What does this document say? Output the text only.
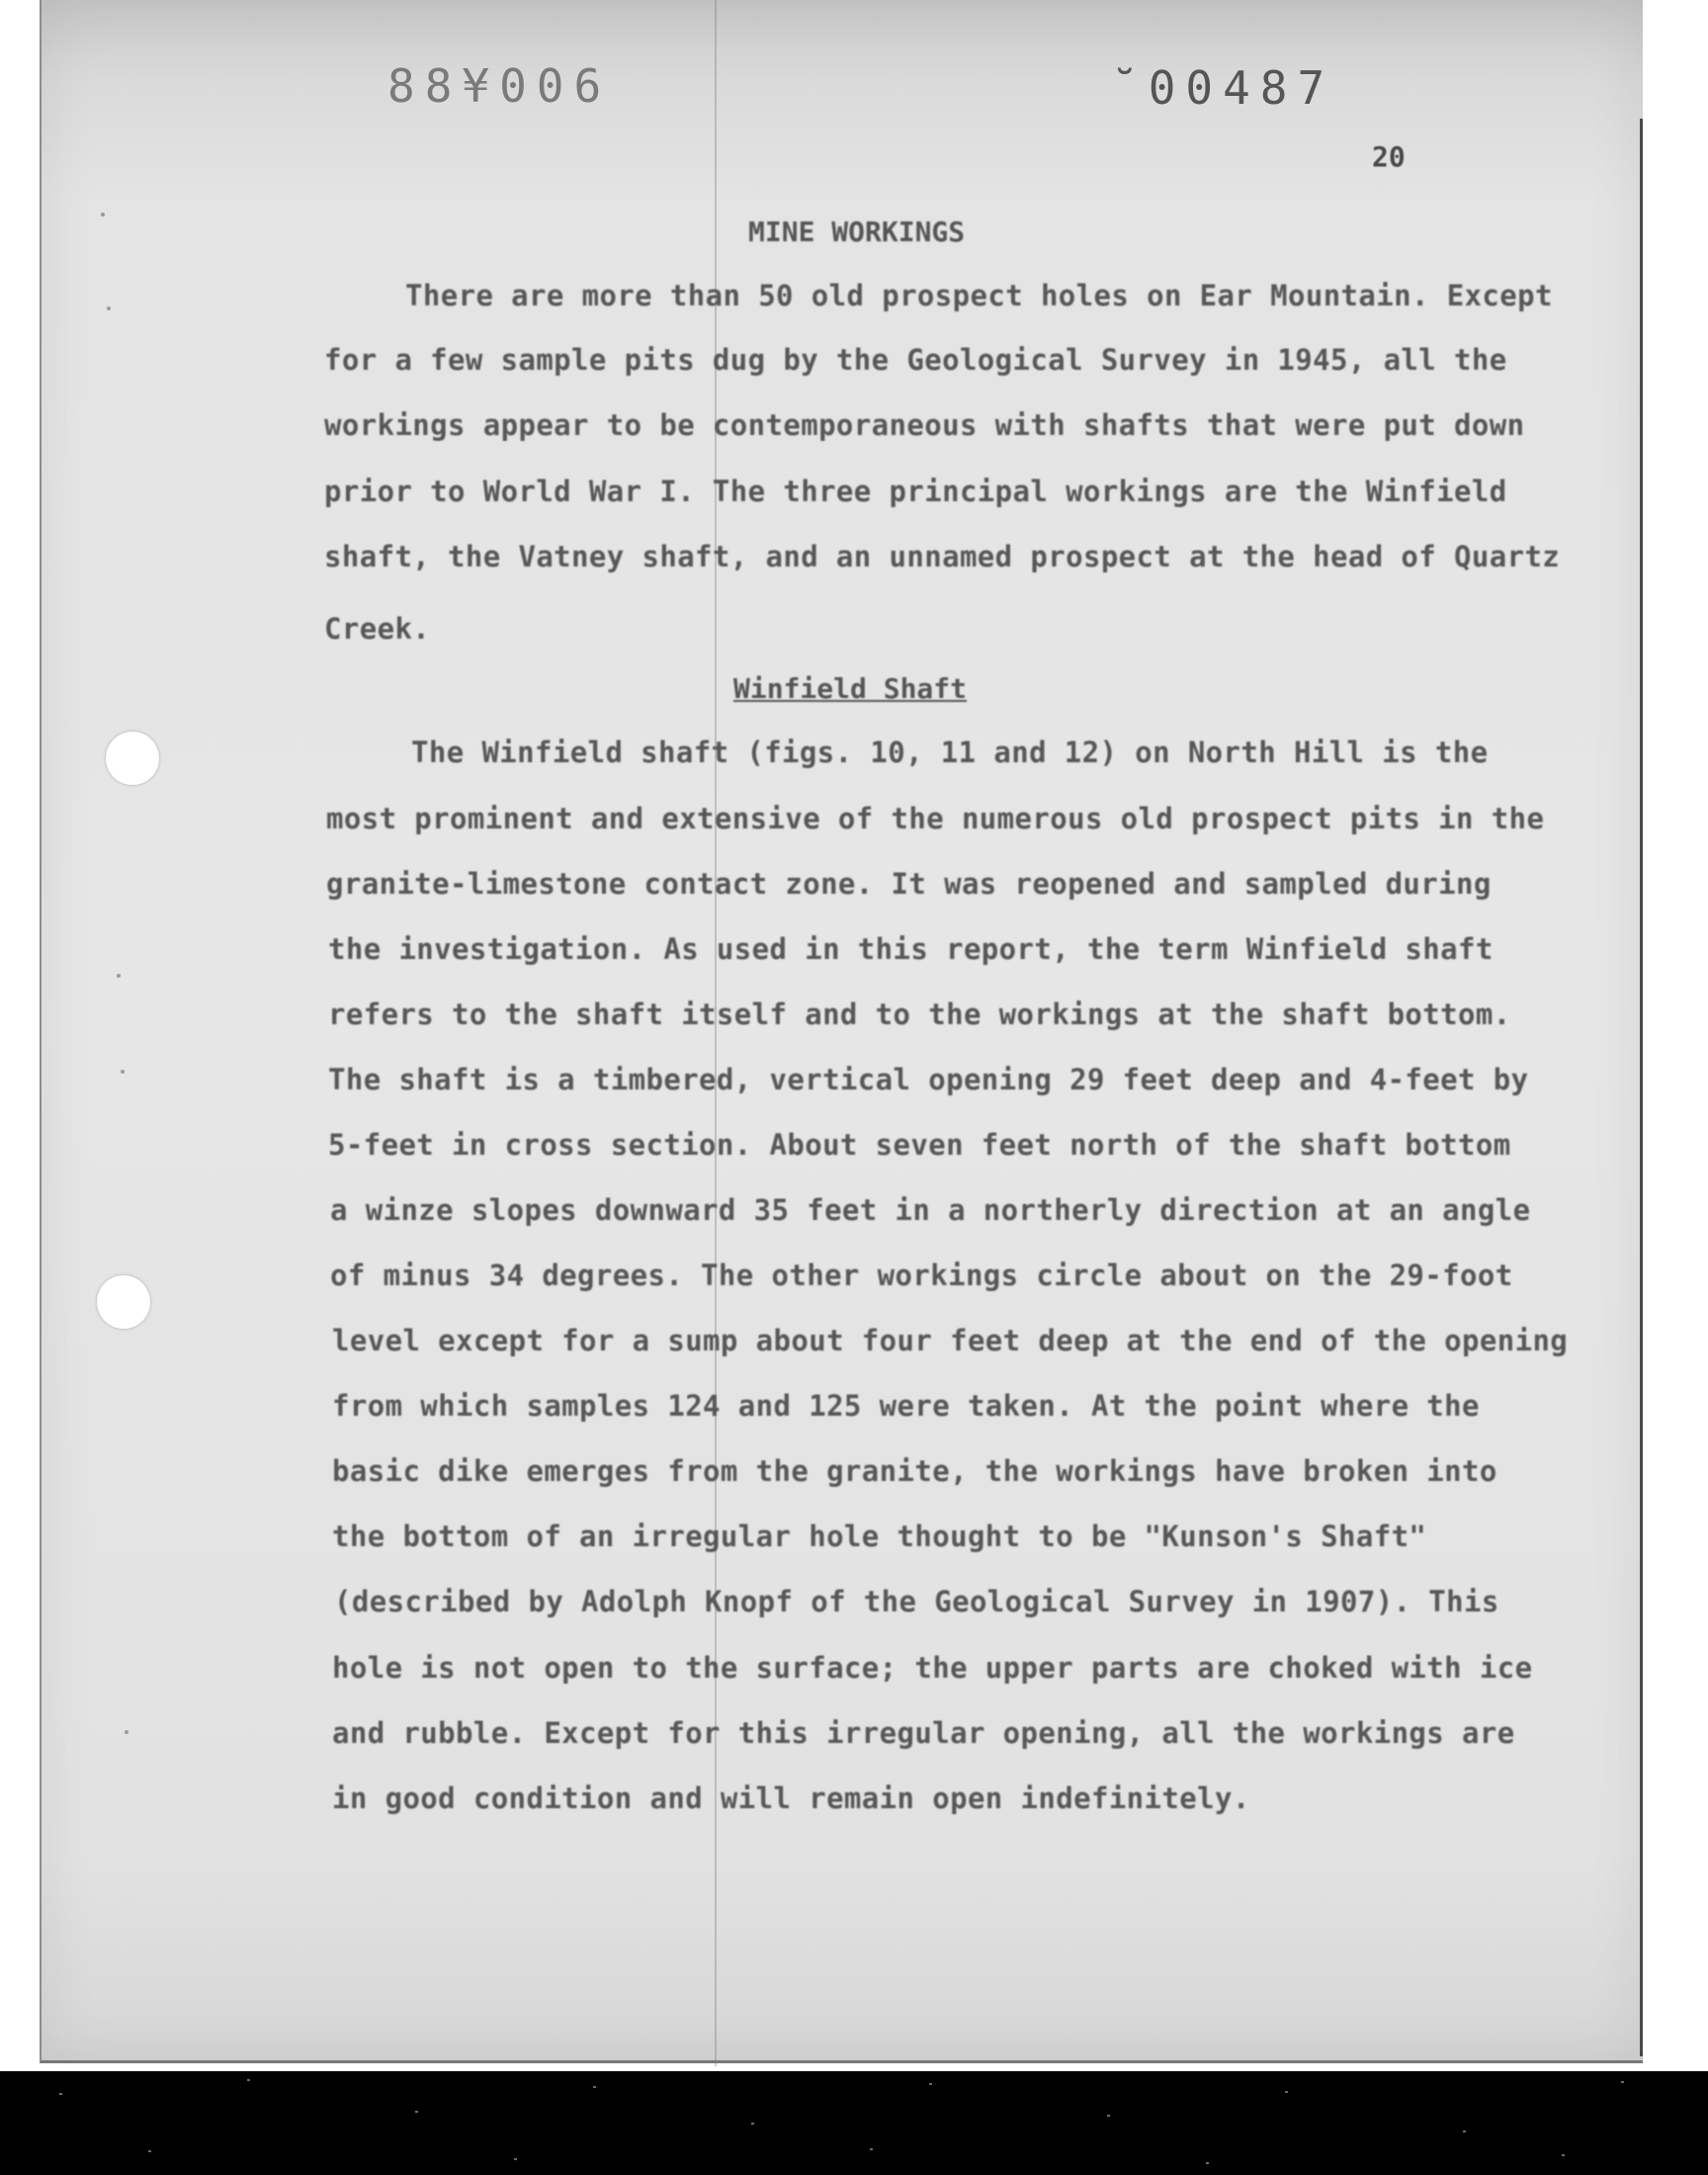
88¥006	˘00487
20
MINE WORKINGS
There are more than 50 old prospect holes on Ear Mountain. Except
for a few sample pits dug by the Geological Survey in 1945, all the
workings appear to be contemporaneous with shafts that were put down
prior to World War I. The three principal workings are the Winfield
shaft, the Vatney shaft, and an unnamed prospect at the head of Quartz
Creek.
Winfield Shaft
The Winfield shaft (figs. 10, 11 and 12) on North Hill is the
most prominent and extensive of the numerous old prospect pits in the
granite-limestone contact zone. It was reopened and sampled during
the investigation. As used in this report, the term Winfield shaft
refers to the shaft itself and to the workings at the shaft bottom.
The shaft is a timbered, vertical opening 29 feet deep and 4-feet by
5-feet in cross section. About seven feet north of the shaft bottom
a winze slopes downward 35 feet in a northerly direction at an angle
of minus 34 degrees. The other workings circle about on the 29-foot
level except for a sump about four feet deep at the end of the opening
from which samples 124 and 125 were taken. At the point where the
basic dike emerges from the granite, the workings have broken into
the bottom of an irregular hole thought to be "Kunson's Shaft"
(described by Adolph Knopf of the Geological Survey in 1907). This
hole is not open to the surface; the upper parts are choked with ice
and rubble. Except for this irregular opening, all the workings are
in good condition and will remain open indefinitely.
